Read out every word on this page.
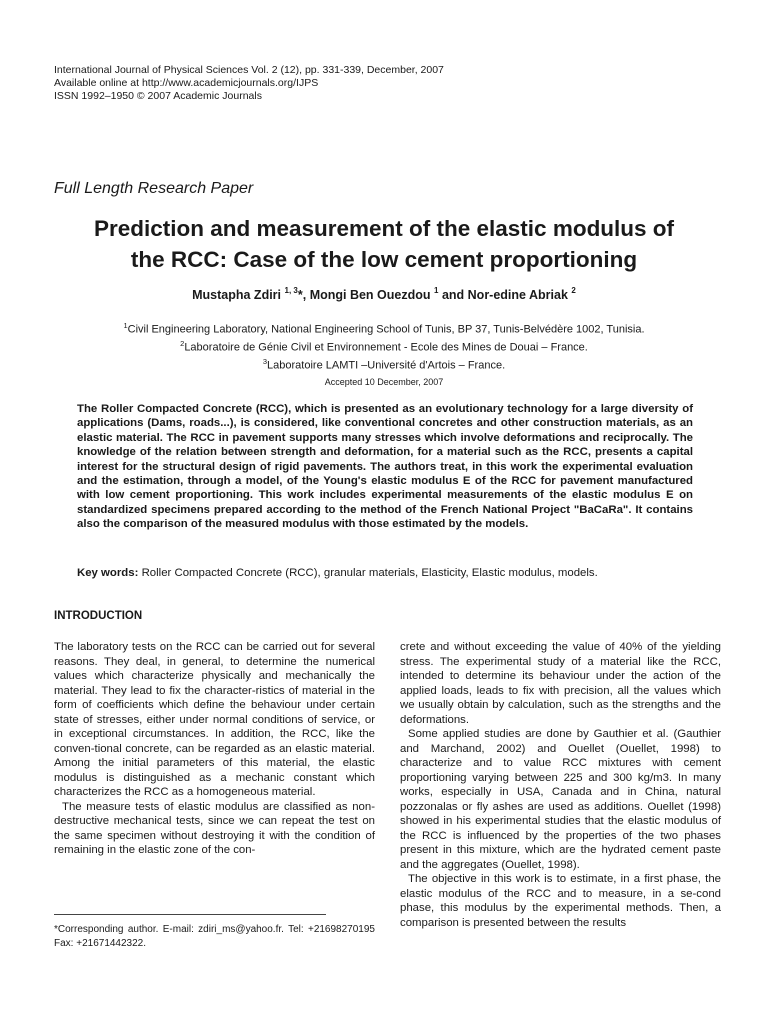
International Journal of Physical Sciences Vol. 2 (12), pp. 331-339, December, 2007
Available online at http://www.academicjournals.org/IJPS
ISSN 1992–1950 © 2007 Academic Journals
Full Length Research Paper
Prediction and measurement of the elastic modulus of
the RCC: Case of the low cement proportioning
Mustapha Zdiri $^{1, 3}$*, Mongi Ben Ouezdou $^1$ and Nor-edine Abriak $^2$
$^1$Civil Engineering Laboratory, National Engineering School of Tunis, BP 37, Tunis-Belvédère 1002, Tunisia.
$^2$Laboratoire de Génie Civil et Environnement - Ecole des Mines de Douai – France.
$^3$Laboratoire LAMTI –Université d'Artois – France.
Accepted 10 December, 2007
The Roller Compacted Concrete (RCC), which is presented as an evolutionary technology for a large diversity of applications (Dams, roads...), is considered, like conventional concretes and other construction materials, as an elastic material. The RCC in pavement supports many stresses which involve deformations and reciprocally. The knowledge of the relation between strength and deformation, for a material such as the RCC, presents a capital interest for the structural design of rigid pavements. The authors treat, in this work the experimental evaluation and the estimation, through a model, of the Young's elastic modulus E of the RCC for pavement manufactured with low cement proportioning. This work includes experimental measurements of the elastic modulus E on standardized specimens prepared according to the method of the French National Project "BaCaRa". It contains also the comparison of the measured modulus with those estimated by the models.
Key words: Roller Compacted Concrete (RCC), granular materials, Elasticity, Elastic modulus, models.
INTRODUCTION

The laboratory tests on the RCC can be carried out for several reasons. They deal, in general, to determine the numerical values which characterize physically and mechanically the material. They lead to fix the character-ristics of material in the form of coefficients which define the behaviour under certain state of stresses, either under normal conditions of service, or in exceptional circumstances. In addition, the RCC, like the conven-tional concrete, can be regarded as an elastic material. Among the initial parameters of this material, the elastic modulus is distinguished as a mechanic constant which characterizes the RCC as a homogeneous material.

The measure tests of elastic modulus are classified as non-destructive mechanical tests, since we can repeat the test on the same specimen without destroying it with the condition of remaining in the elastic zone of the con-

crete and without exceeding the value of 40% of the yielding stress. The experimental study of a material like the RCC, intended to determine its behaviour under the action of the applied loads, leads to fix with precision, all the values which we usually obtain by calculation, such as the strengths and the deformations.

Some applied studies are done by Gauthier et al. (Gauthier and Marchand, 2002) and Ouellet (Ouellet, 1998) to characterize and to value RCC mixtures with cement proportioning varying between 225 and 300 kg/m3. In many works, especially in USA, Canada and in China, natural pozzonalas or fly ashes are used as additions. Ouellet (1998) showed in his experimental studies that the elastic modulus of the RCC is influenced by the properties of the two phases present in this mixture, which are the hydrated cement paste and the aggregates (Ouellet, 1998).

The objective in this work is to estimate, in a first phase, the elastic modulus of the RCC and to measure, in a se-cond phase, this modulus by the experimental methods. Then, a comparison is presented between the results

*Corresponding author. E-mail: zdiri_ms@yahoo.fr. Tel: +21698270195 Fax: +21671442322.
